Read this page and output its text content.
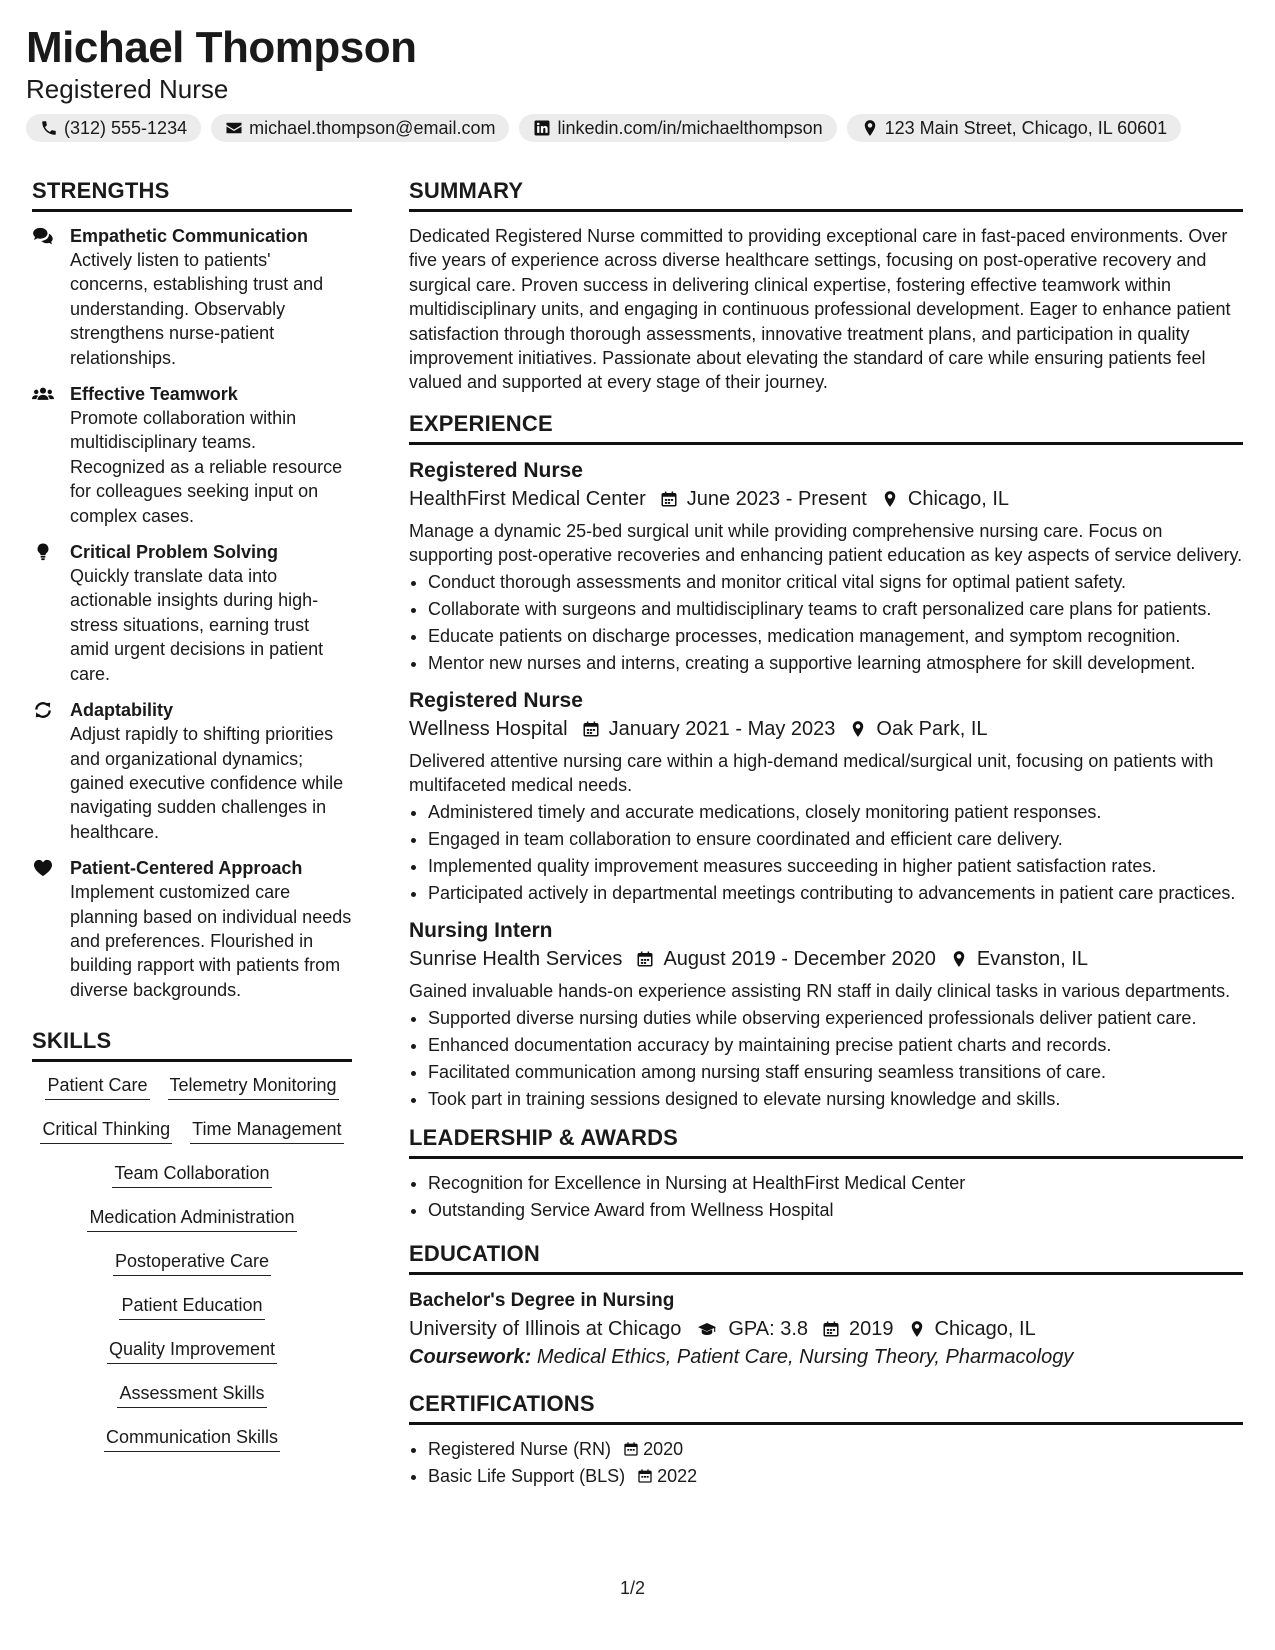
Michael Thompson
Registered Nurse
(312) 555-1234	michael.thompson@email.com	linkedin.com/in/michaelthompson	123 Main Street, Chicago, IL 60601
STRENGTHS
Empathetic Communication
Actively listen to patients' concerns, establishing trust and understanding. Observably strengthens nurse-patient relationships.
Effective Teamwork
Promote collaboration within multidisciplinary teams. Recognized as a reliable resource for colleagues seeking input on complex cases.
Critical Problem Solving
Quickly translate data into actionable insights during high-stress situations, earning trust amid urgent decisions in patient care.
Adaptability
Adjust rapidly to shifting priorities and organizational dynamics; gained executive confidence while navigating sudden challenges in healthcare.
Patient-Centered Approach
Implement customized care planning based on individual needs and preferences. Flourished in building rapport with patients from diverse backgrounds.
SKILLS
Patient Care Telemetry Monitoring
Critical Thinking Time Management
Team Collaboration
Medication Administration
Postoperative Care
Patient Education
Quality Improvement
Assessment Skills
Communication Skills
SUMMARY

Dedicated Registered Nurse committed to providing exceptional care in fast-paced environments. Over five years of experience across diverse healthcare settings, focusing on post-operative recovery and surgical care. Proven success in delivering clinical expertise, fostering effective teamwork within multidisciplinary units, and engaging in continuous professional development. Eager to enhance patient satisfaction through thorough assessments, innovative treatment plans, and participation in quality improvement initiatives. Passionate about elevating the standard of care while ensuring patients feel valued and supported at every stage of their journey.

EXPERIENCE
Registered Nurse
HealthFirst Medical Center June 2023 - Present Chicago, IL
Manage a dynamic 25-bed surgical unit while providing comprehensive nursing care. Focus on supporting post-operative recoveries and enhancing patient education as key aspects of service delivery.
• Conduct thorough assessments and monitor critical vital signs for optimal patient safety.
• Collaborate with surgeons and multidisciplinary teams to craft personalized care plans for patients.
• Educate patients on discharge processes, medication management, and symptom recognition.
• Mentor new nurses and interns, creating a supportive learning atmosphere for skill development.
Registered Nurse
Wellness Hospital January 2021 - May 2023 Oak Park, IL
Delivered attentive nursing care within a high-demand medical/surgical unit, focusing on patients with multifaceted medical needs.
• Administered timely and accurate medications, closely monitoring patient responses.
• Engaged in team collaboration to ensure coordinated and efficient care delivery.
• Implemented quality improvement measures succeeding in higher patient satisfaction rates.
• Participated actively in departmental meetings contributing to advancements in patient care practices.
Nursing Intern
Sunrise Health Services August 2019 - December 2020 Evanston, IL
Gained invaluable hands-on experience assisting RN staff in daily clinical tasks in various departments.
• Supported diverse nursing duties while observing experienced professionals deliver patient care.
• Enhanced documentation accuracy by maintaining precise patient charts and records.
• Facilitated communication among nursing staff ensuring seamless transitions of care.
• Took part in training sessions designed to elevate nursing knowledge and skills.
LEADERSHIP & AWARDS
• Recognition for Excellence in Nursing at HealthFirst Medical Center
• Outstanding Service Award from Wellness Hospital
EDUCATION
Bachelor's Degree in Nursing
University of Illinois at Chicago GPA: 3.8 2019 Chicago, IL
Coursework: Medical Ethics, Patient Care, Nursing Theory, Pharmacology
CERTIFICATIONS
• Registered Nurse (RN) 2020
• Basic Life Support (BLS) 2022
1/2
